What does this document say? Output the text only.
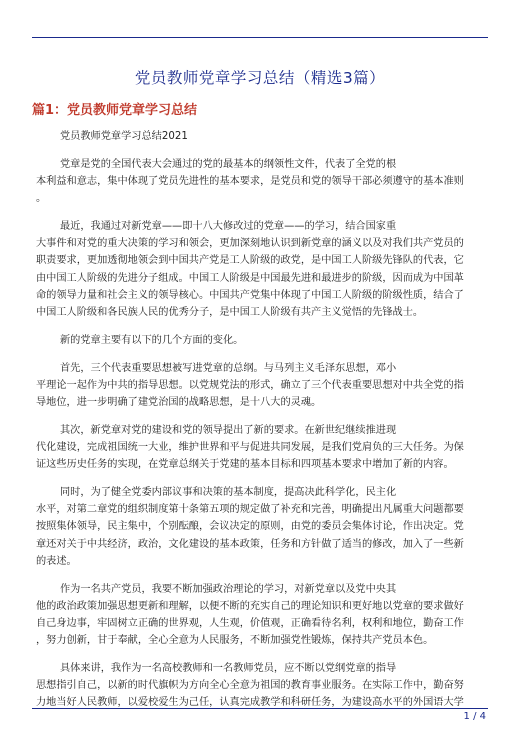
党员教师党章学习总结（精选3篇）
篇1：党员教师党章学习总结
党员教师党章学习总结2021
党章是党的全国代表大会通过的党的最基本的纲领性文件，代表了全党的根
本利益和意志，集中体现了党员先进性的基本要求，是党员和党的领导干部必须遵守的基本准则
。
最近，我通过对新党章——即十八大修改过的党章——的学习，结合国家重
大事件和对党的重大决策的学习和领会，更加深刻地认识到新党章的涵义以及对我们共产党员的
职责要求，更加透彻地领会到中国共产党是工人阶级的政党，是中国工人阶级先锋队的代表，它
由中国工人阶级的先进分子组成。中国工人阶级是中国最先进和最进步的阶级，因而成为中国革
命的领导力量和社会主义的领导核心。中国共产党集中体现了中国工人阶级的阶级性质，结合了
中国工人阶级和各民族人民的优秀分子，是中国工人阶级有共产主义觉悟的先锋战士。
新的党章主要有以下的几个方面的变化。
首先，三个代表重要思想被写进党章的总纲。与马列主义毛泽东思想，邓小
平理论一起作为中共的指导思想。以党规党法的形式，确立了三个代表重要思想对中共全党的指
导地位，进一步明确了建党治国的战略思想，是十八大的灵魂。
其次，新党章对党的建设和党的领导提出了新的要求。在新世纪继续推进现
代化建设，完成祖国统一大业，维护世界和平与促进共同发展，是我们党肩负的三大任务。为保
证这些历史任务的实现，在党章总纲关于党建的基本目标和四项基本要求中增加了新的内容。
同时，为了健全党委内部议事和决策的基本制度，提高决此科学化，民主化
水平，对第二章党的组织制度第十条第五项的规定做了补充和完善，明确提出凡属重大问题都要
按照集体领导，民主集中，个别酝酿，会议决定的原则，由党的委员会集体讨论，作出决定。党
章还对关于中共经济，政治，文化建设的基本政策，任务和方针做了适当的修改，加入了一些新
的表述。
作为一名共产党员，我要不断加强政治理论的学习，对新党章以及党中央其
他的政治政策加强思想更新和理解，以便不断的充实自己的理论知识和更好地以党章的要求做好
自己身边事，牢固树立正确的世界观，人生观，价值观，正确看待名利，权利和地位，勤奋工作
，努力创新，甘于奉献，全心全意为人民服务，不断加强党性锻炼，保持共产党员本色。
具体来讲，我作为一名高校教师和一名教师党员，应不断以党纲党章的指导
思想指引自己，以新的时代旗帜为方向全心全意为祖国的教育事业服务。在实际工作中，勤奋努
力地当好人民教师，以爱校爱生为己任，认真完成教学和科研任务，为建设高水平的外国语大学
1 / 4
